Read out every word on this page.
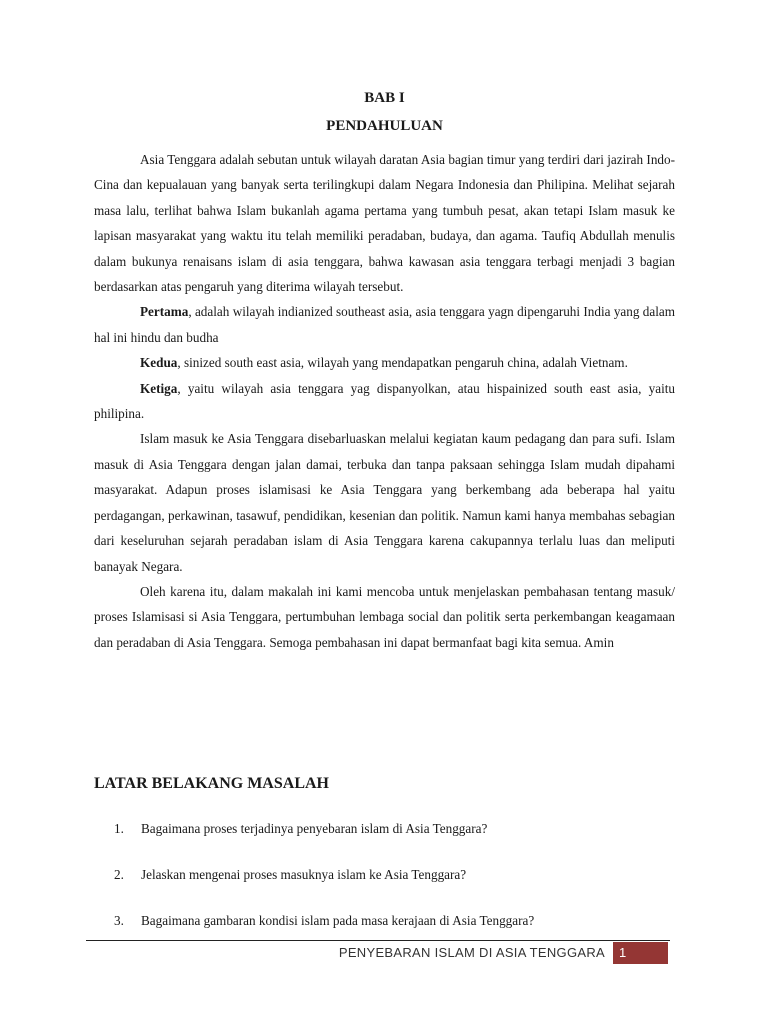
BAB I
PENDAHULUAN

Asia Tenggara adalah sebutan untuk wilayah daratan Asia bagian timur yang terdiri dari jazirah Indo-Cina dan kepualauan yang banyak serta terilingkupi dalam Negara Indonesia dan Philipina. Melihat sejarah masa lalu, terlihat bahwa Islam bukanlah agama pertama yang tumbuh pesat, akan tetapi Islam masuk ke lapisan masyarakat yang waktu itu telah memiliki peradaban, budaya, dan agama. Taufiq Abdullah menulis dalam bukunya renaisans islam di asia tenggara, bahwa kawasan asia tenggara terbagi menjadi 3 bagian berdasarkan atas pengaruh yang diterima wilayah tersebut.

Pertama, adalah wilayah indianized southeast asia, asia tenggara yagn dipengaruhi India yang dalam hal ini hindu dan budha

Kedua, sinized south east asia, wilayah yang mendapatkan pengaruh china, adalah Vietnam.

Ketiga, yaitu wilayah asia tenggara yag dispanyolkan, atau hispainized south east asia, yaitu philipina.

Islam masuk ke Asia Tenggara disebarluaskan melalui kegiatan kaum pedagang dan para sufi. Islam masuk di Asia Tenggara dengan jalan damai, terbuka dan tanpa paksaan sehingga Islam mudah dipahami masyarakat. Adapun proses islamisasi ke Asia Tenggara yang berkembang ada beberapa hal yaitu perdagangan, perkawinan, tasawuf, pendidikan, kesenian dan politik. Namun kami hanya membahas sebagian dari keseluruhan sejarah peradaban islam di Asia Tenggara karena cakupannya terlalu luas dan meliputi banayak Negara.

Oleh karena itu, dalam makalah ini kami mencoba untuk menjelaskan pembahasan tentang masuk/ proses Islamisasi si Asia Tenggara, pertumbuhan lembaga social dan politik serta perkembangan keagamaan dan peradaban di Asia Tenggara. Semoga pembahasan ini dapat bermanfaat bagi kita semua. Amin

LATAR BELAKANG MASALAH
1.	Bagaimana proses terjadinya penyebaran islam di Asia Tenggara?
2.	Jelaskan mengenai proses masuknya islam ke Asia Tenggara?
3.	Bagaimana gambaran kondisi islam pada masa kerajaan di Asia Tenggara?
PENYEBARAN ISLAM DI ASIA TENGGARA 1
